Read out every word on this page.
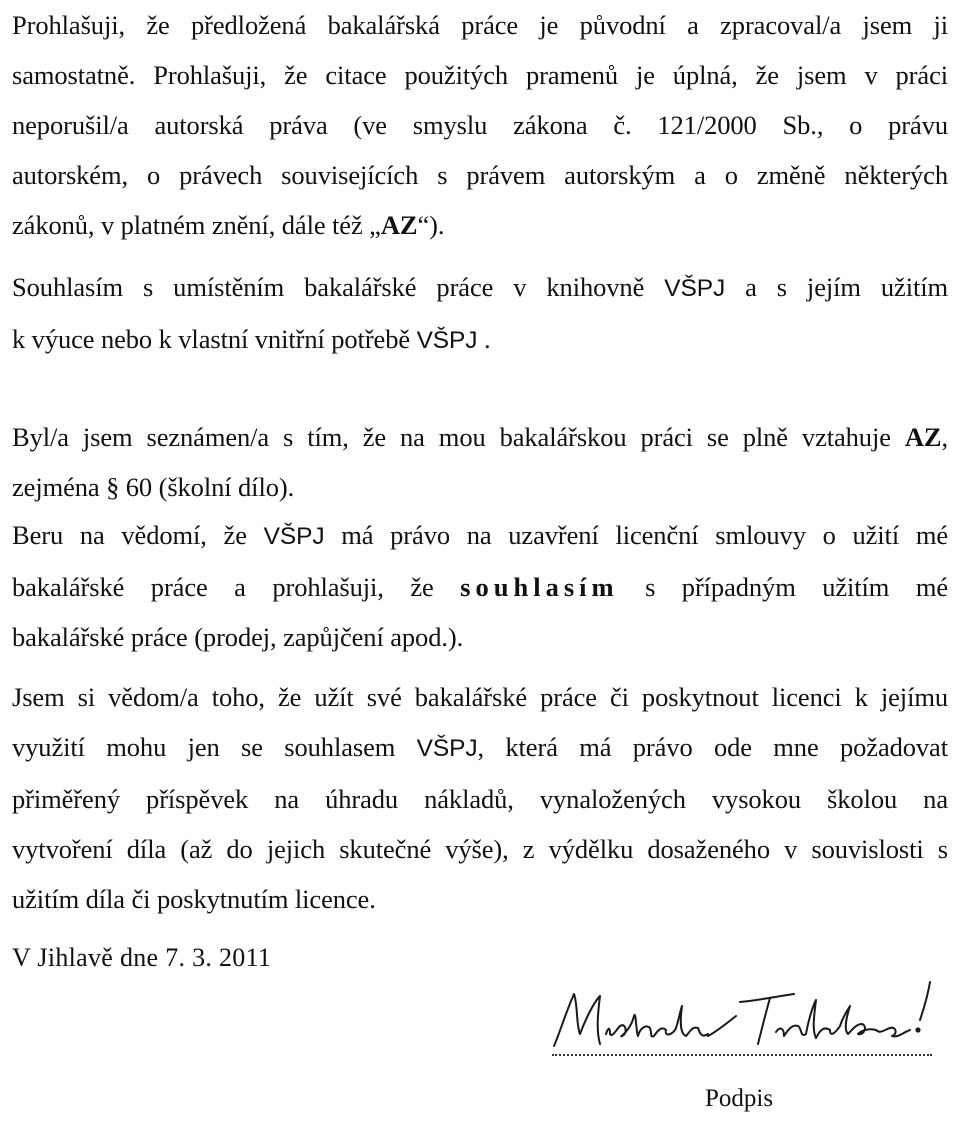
Prohlašuji, že předložená bakalářská práce je původní a zpracoval/a jsem ji
samostatně. Prohlašuji, že citace použitých pramenů je úplná, že jsem v práci
neporušil/a autorská práva (ve smyslu zákona č. 121/2000 Sb., o právu
autorském, o právech souvisejících s právem autorským a o změně některých
zákonů, v platném znění, dále též „AZ“).

Souhlasím s umístěním bakalářské práce v knihovně VŠPJ a s jejím užitím
k výuce nebo k vlastní vnitřní potřebě VŠPJ .

Byl/a jsem seznámen/a s tím, že na mou bakalářskou práci se plně vztahuje AZ,
zejména § 60 (školní dílo).

Beru na vědomí, že VŠPJ má právo na uzavření licenční smlouvy o užití mé
bakalářské práce a prohlašuji, že souhlasím s případným užitím mé
bakalářské práce (prodej, zapůjčení apod.).

Jsem si vědom/a toho, že užít své bakalářské práce či poskytnout licenci k jejímu
využití mohu jen se souhlasem VŠPJ, která má právo ode mne požadovat
přiměřený příspěvek na úhradu nákladů, vynaložených vysokou školou na
vytvoření díla (až do jejich skutečné výše), z výdělku dosaženého v souvislosti s
užitím díla či poskytnutím licence.

V Jihlavě dne 7. 3. 2011
Podpis
